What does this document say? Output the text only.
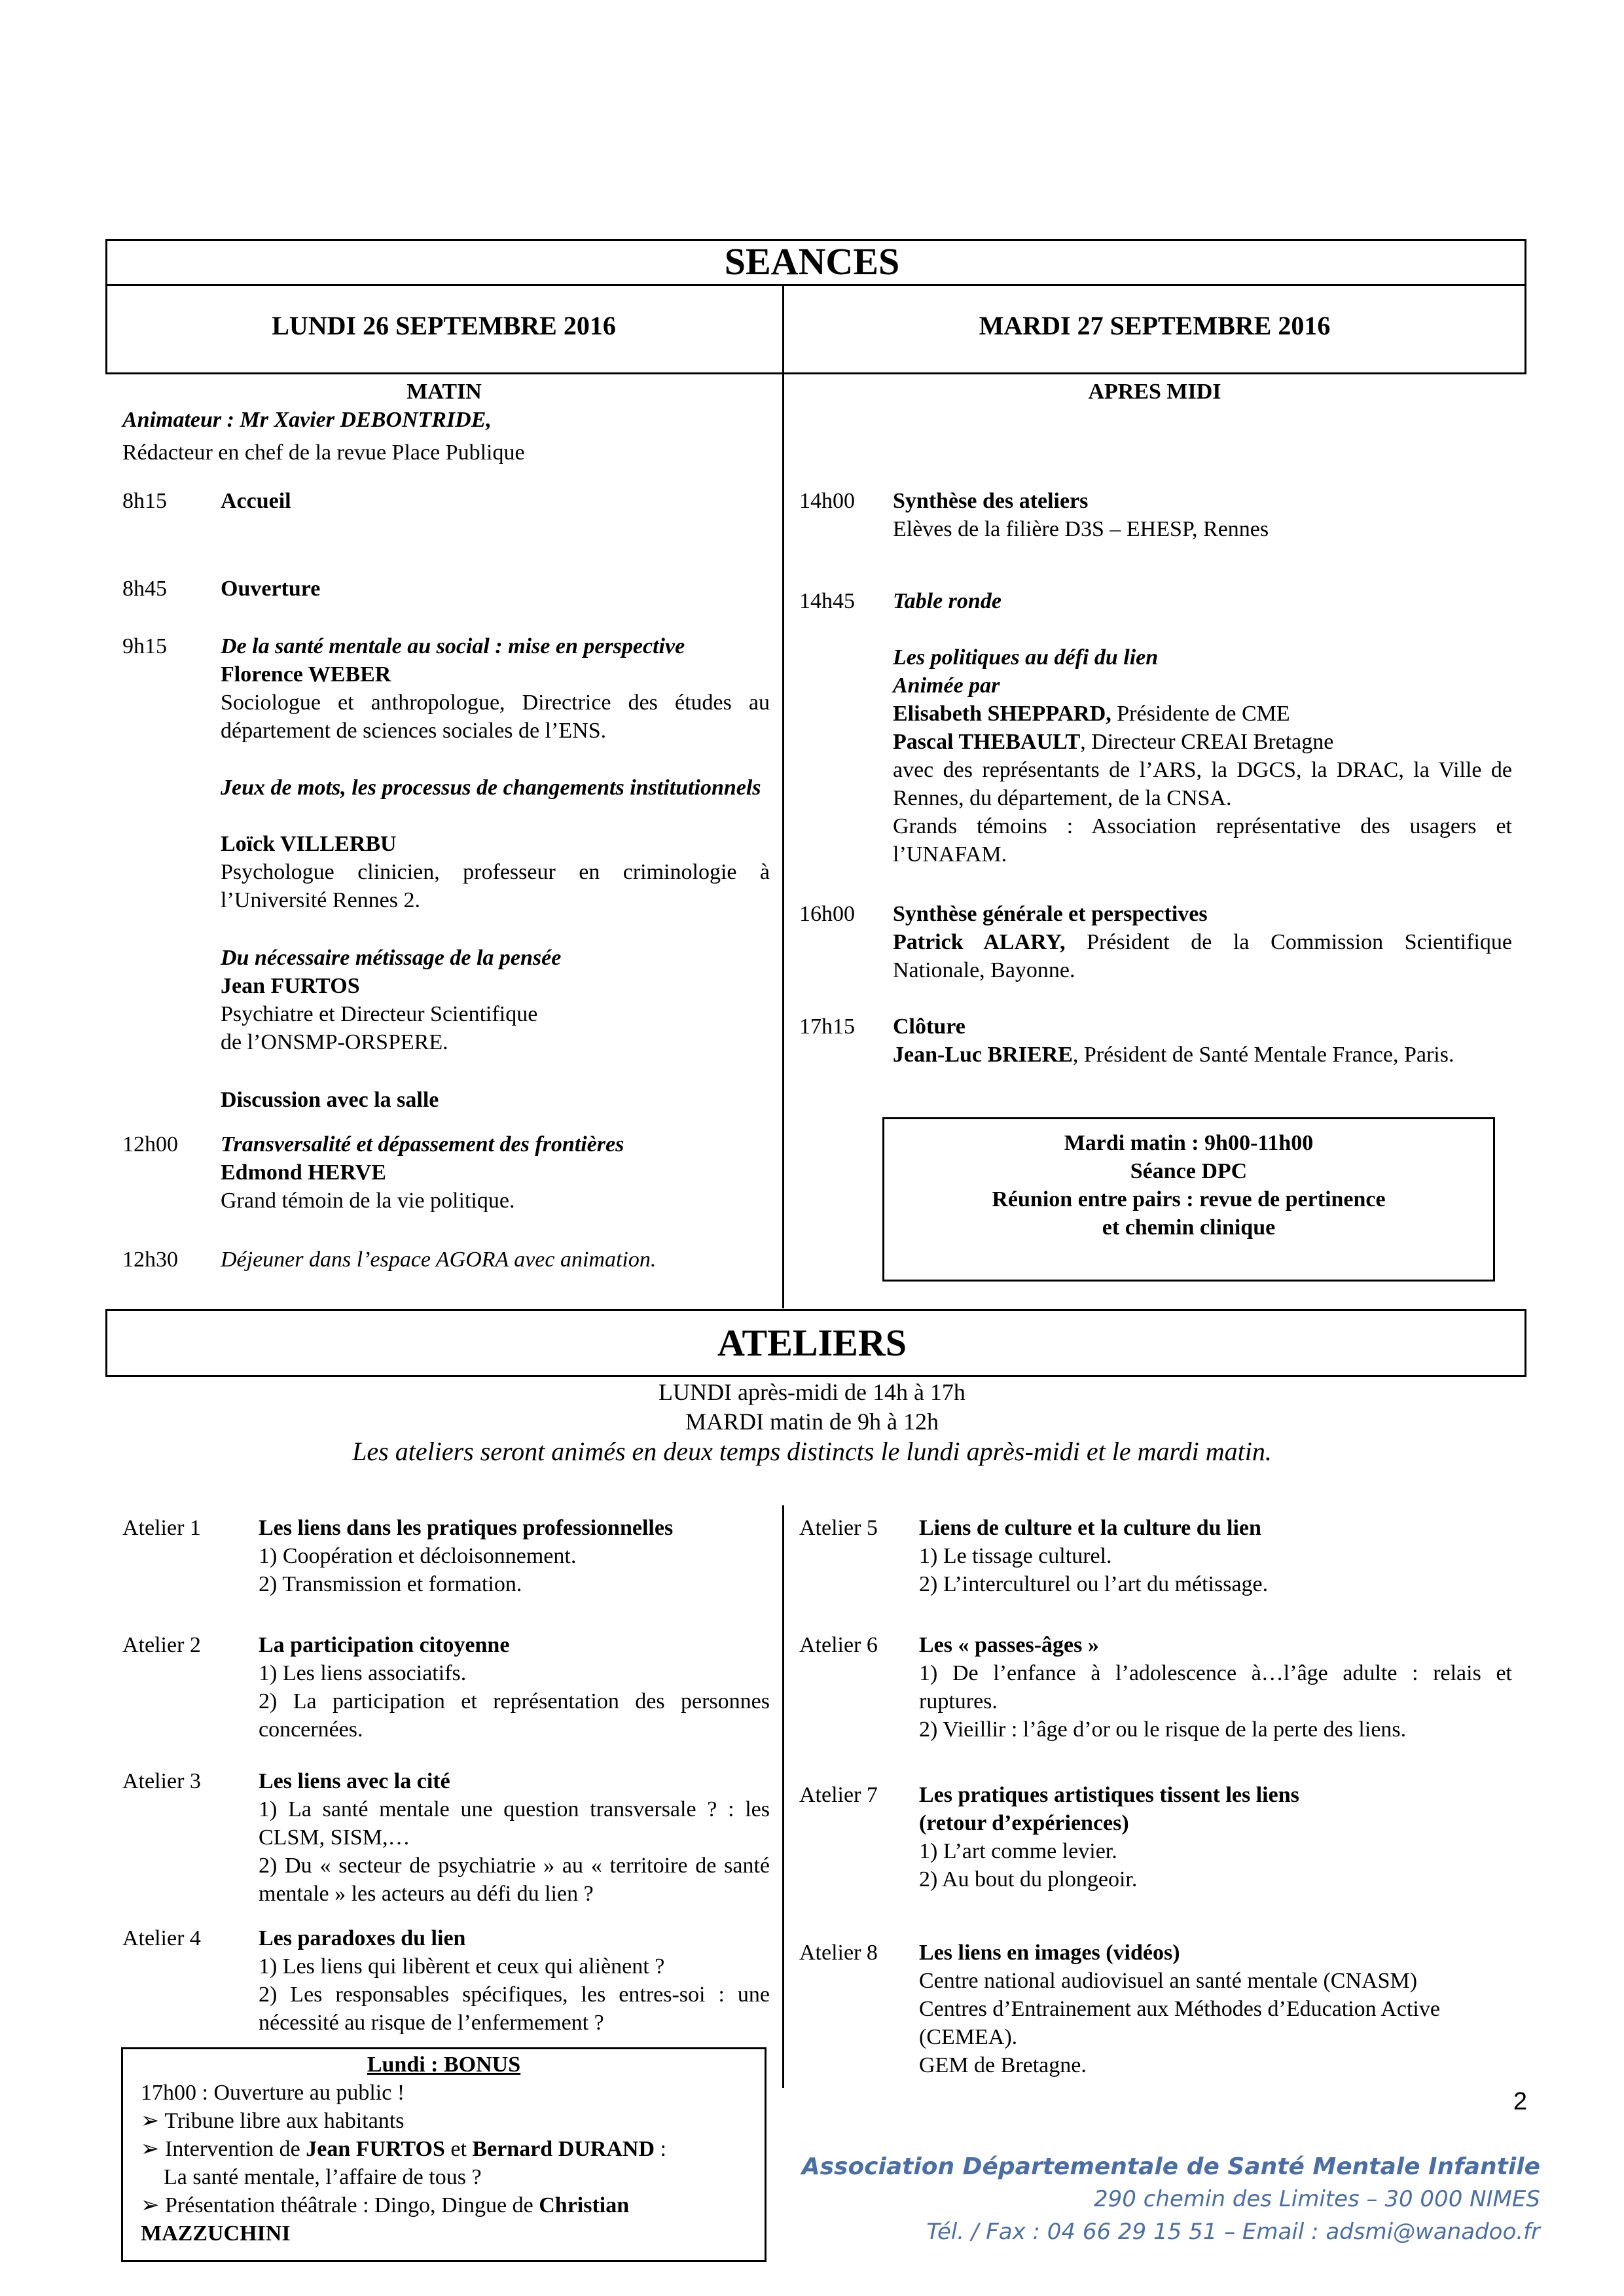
SEANCES
LUNDI 26 SEPTEMBRE 2016	MARDI 27 SEPTEMBRE 2016
MATIN
Animateur : Mr Xavier DEBONTRIDE,
Rédacteur en chef de la revue Place Publique
8h15 Accueil
8h45 Ouverture
9h15 De la santé mentale au social : mise en perspective
Florence WEBER
Sociologue et anthropologue, Directrice des études au département de sciences sociales de l’ENS.
Jeux de mots, les processus de changements institutionnels
Loïck VILLERBU
Psychologue clinicien, professeur en criminologie à l’Université Rennes 2.
Du nécessaire métissage de la pensée
Jean FURTOS
Psychiatre et Directeur Scientifique
de l’ONSMP-ORSPERE.
Discussion avec la salle
12h00 Transversalité et dépassement des frontières
Edmond HERVE
Grand témoin de la vie politique.
12h30 Déjeuner dans l’espace AGORA avec animation.
APRES MIDI
14h00 Synthèse des ateliers
Elèves de la filière D3S – EHESP, Rennes
14h45 Table ronde
Les politiques au défi du lien
Animée par
Elisabeth SHEPPARD, Présidente de CME
Pascal THEBAULT, Directeur CREAI Bretagne
avec des représentants de l’ARS, la DGCS, la DRAC, la Ville de Rennes, du département, de la CNSA.
Grands témoins : Association représentative des usagers et l’UNAFAM.
16h00 Synthèse générale et perspectives
Patrick ALARY, Président de la Commission Scientifique Nationale, Bayonne.
17h15 Clôture
Jean-Luc BRIERE, Président de Santé Mentale France, Paris.
Mardi matin : 9h00-11h00
Séance DPC
Réunion entre pairs : revue de pertinence
et chemin clinique
ATELIERS
LUNDI après-midi de 14h à 17h
MARDI matin de 9h à 12h
Les ateliers seront animés en deux temps distincts le lundi après-midi et le mardi matin.
Atelier 1	Les liens dans les pratiques professionnelles
1) Coopération et décloisonnement.
2) Transmission et formation.
Atelier 2	La participation citoyenne
1) Les liens associatifs.
2) La participation et représentation des personnes concernées.
Atelier 3	Les liens avec la cité
1) La santé mentale une question transversale ? : les CLSM, SISM,…
2) Du « secteur de psychiatrie » au « territoire de santé mentale » les acteurs au défi du lien ?
Atelier 4	Les paradoxes du lien
1) Les liens qui libèrent et ceux qui aliènent ?
2) Les responsables spécifiques, les entres-soi : une nécessité au risque de l’enfermement ?
Atelier 5 Liens de culture et la culture du lien
1) Le tissage culturel.
2) L’interculturel ou l’art du métissage.
Atelier 6 Les « passes-âges »
1) De l’enfance à l’adolescence à…l’âge adulte : relais et ruptures.
2) Vieillir : l’âge d’or ou le risque de la perte des liens.
Atelier 7 Les pratiques artistiques tissent les liens
(retour d’expériences)
1) L’art comme levier.
2) Au bout du plongeoir.
Atelier 8 Les liens en images (vidéos)
Centre national audiovisuel an santé mentale (CNASM)
Centres d’Entrainement aux Méthodes d’Education Active (CEMEA).
GEM de Bretagne.
Lundi : BONUS
17h00 : Ouverture au public !
➢ Tribune libre aux habitants
➢ Intervention de Jean FURTOS et Bernard DURAND :
La santé mentale, l’affaire de tous ?
➢ Présentation théâtrale : Dingo, Dingue de Christian
MAZZUCHINI
2
Association Départementale de Santé Mentale Infantile
290 chemin des Limites – 30 000 NIMES
Tél. / Fax : 04 66 29 15 51 – Email : adsmi@wanadoo.fr
